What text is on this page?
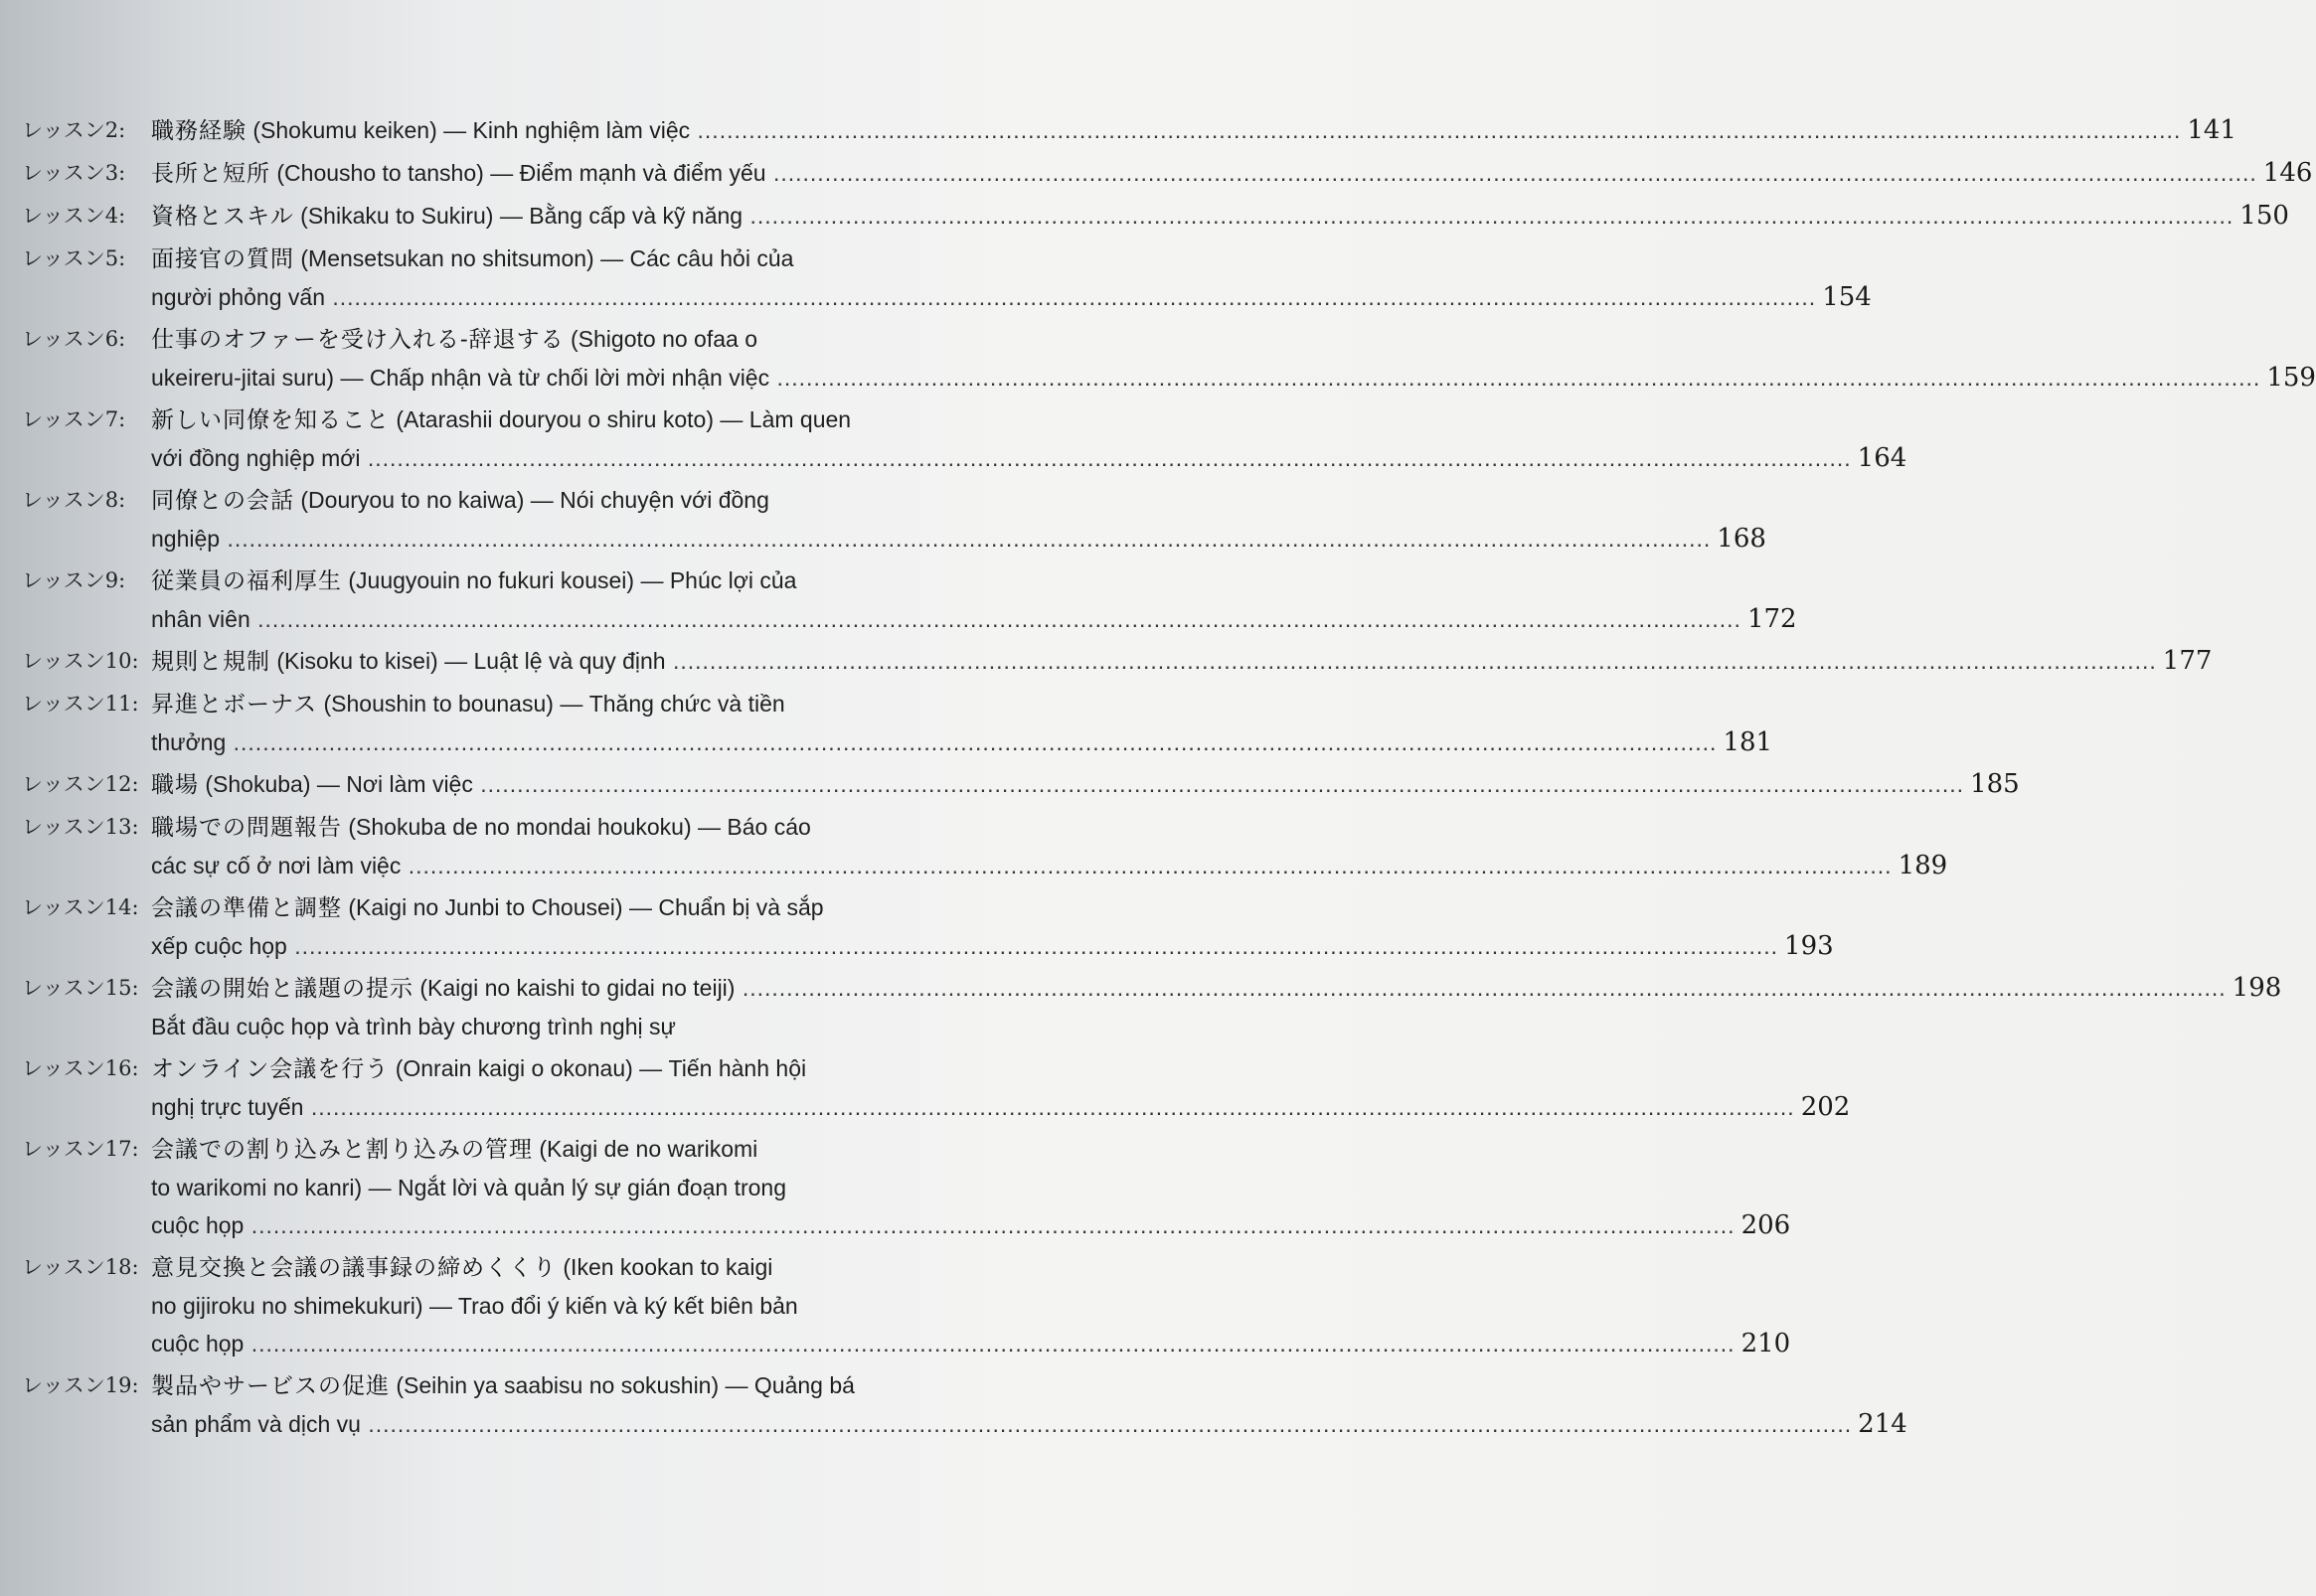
レッスン2:	職務経験 (Shokumu keiken) — Kinh nghiệm làm việc .....	141
レッスン3:	長所と短所 (Chousho to tansho) — Điểm mạnh và điểm yếu .....	146
レッスン4:	資格とスキル (Shikaku to Sukiru) — Bằng cấp và kỹ năng .....	150
レッスン5:	面接官の質問 (Mensetsukan no shitsumon) — Các câu hỏi của
người phỏng vấn .....	154
レッスン6:	仕事のオファーを受け入れる-辞退する (Shigoto no ofaa o
ukeireru-jitai suru) — Chấp nhận và từ chối lời mời nhận việc .....	159
レッスン7:	新しい同僚を知ること (Atarashii douryou o shiru koto) — Làm quen
với đồng nghiệp mới .....	164
レッスン8:	同僚との会話 (Douryou to no kaiwa) — Nói chuyện với đồng
nghiệp .....	168
レッスン9:	従業員の福利厚生 (Juugyouin no fukuri kousei) — Phúc lợi của
nhân viên .....	172
レッスン10: 規則と規制 (Kisoku to kisei) — Luật lệ và quy định .....	177
レッスン11: 昇進とボーナス (Shoushin to bounasu) — Thăng chức và tiền
thưởng .....	181
レッスン12: 職場 (Shokuba) — Nơi làm việc .....	185
レッスン13: 職場での問題報告 (Shokuba de no mondai houkoku) — Báo cáo
các sự cố ở nơi làm việc .....	189
レッスン14: 会議の準備と調整 (Kaigi no Junbi to Chousei) — Chuẩn bị và sắp
xếp cuộc họp .....	193
レッスン15: 会議の開始と議題の提示 (Kaigi no kaishi to gidai no teiji) .....	198
Bắt đầu cuộc họp và trình bày chương trình nghị sự
レッスン16: オンライン会議を行う (Onrain kaigi o okonau) — Tiến hành hội
nghị trực tuyến .....	202
レッスン17: 会議での割り込みと割り込みの管理 (Kaigi de no warikomi
to warikomi no kanri) — Ngắt lời và quản lý sự gián đoạn trong
cuộc họp .....	206
レッスン18: 意見交換と会議の議事録の締めくくり (Iken kookan to kaigi
no gijiroku no shimekukuri) — Trao đổi ý kiến và ký kết biên bản
cuộc họp .....	210
レッスン19: 製品やサービスの促進 (Seihin ya saabisu no sokushin) — Quảng bá
sản phẩm và dịch vụ .....	214
